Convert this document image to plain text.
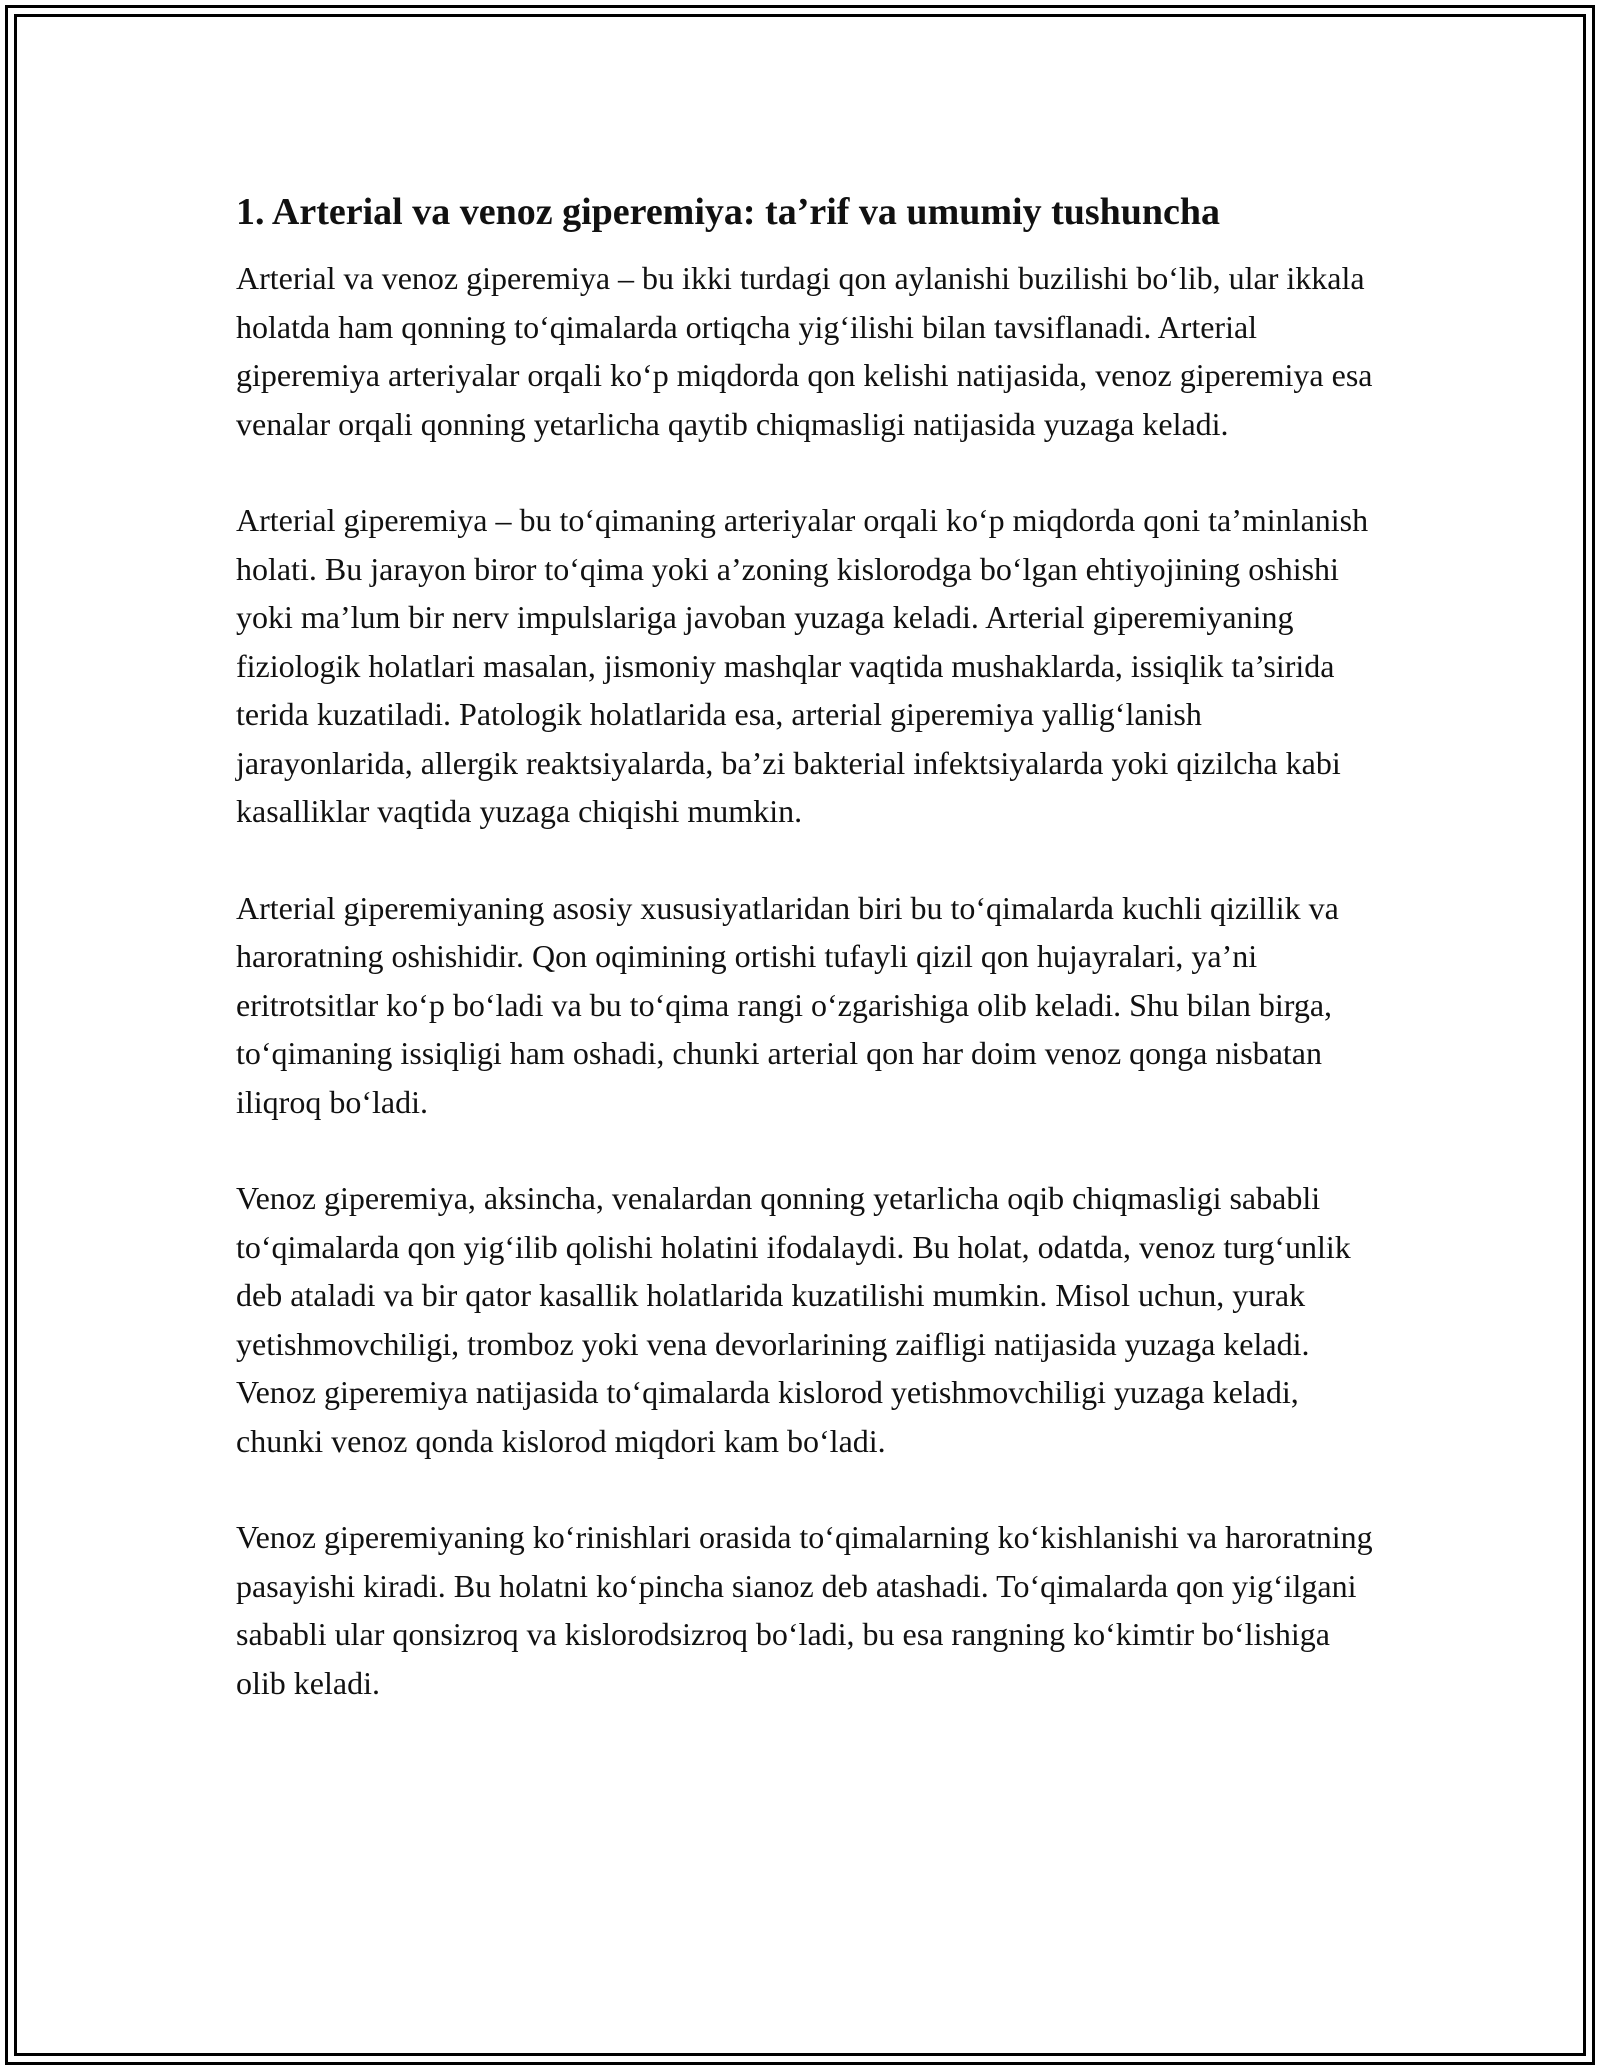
1. Arterial va venoz giperemiya: ta’rif va umumiy tushuncha

Arterial va venoz giperemiya – bu ikki turdagi qon aylanishi buzilishi bo‘lib, ular ikkala holatda ham qonning to‘qimalarda ortiqcha yig‘ilishi bilan tavsiflanadi. Arterial giperemiya arteriyalar orqali ko‘p miqdorda qon kelishi natijasida, venoz giperemiya esa venalar orqali qonning yetarlicha qaytib chiqmasligi natijasida yuzaga keladi.

Arterial giperemiya – bu to‘qimaning arteriyalar orqali ko‘p miqdorda qoni ta’minlanish holati. Bu jarayon biror to‘qima yoki a’zoning kislorodga bo‘lgan ehtiyojining oshishi yoki ma’lum bir nerv impulslariga javoban yuzaga keladi. Arterial giperemiyaning fiziologik holatlari masalan, jismoniy mashqlar vaqtida mushaklarda, issiqlik ta’sirida terida kuzatiladi. Patologik holatlarida esa, arterial giperemiya yallig‘lanish jarayonlarida, allergik reaktsiyalarda, ba’zi bakterial infektsiyalarda yoki qizilcha kabi kasalliklar vaqtida yuzaga chiqishi mumkin.

Arterial giperemiyaning asosiy xususiyatlaridan biri bu to‘qimalarda kuchli qizillik va haroratning oshishidir. Qon oqimining ortishi tufayli qizil qon hujayralari, ya’ni eritrotsitlar ko‘p bo‘ladi va bu to‘qima rangi o‘zgarishiga olib keladi. Shu bilan birga, to‘qimaning issiqligi ham oshadi, chunki arterial qon har doim venoz qonga nisbatan iliqroq bo‘ladi.

Venoz giperemiya, aksincha, venalardan qonning yetarlicha oqib chiqmasligi sababli to‘qimalarda qon yig‘ilib qolishi holatini ifodalaydi. Bu holat, odatda, venoz turg‘unlik deb ataladi va bir qator kasallik holatlarida kuzatilishi mumkin. Misol uchun, yurak yetishmovchiligi, tromboz yoki vena devorlarining zaifligi natijasida yuzaga keladi. Venoz giperemiya natijasida to‘qimalarda kislorod yetishmovchiligi yuzaga keladi, chunki venoz qonda kislorod miqdori kam bo‘ladi.

Venoz giperemiyaning ko‘rinishlari orasida to‘qimalarning ko‘kishlanishi va haroratning pasayishi kiradi. Bu holatni ko‘pincha sianoz deb atashadi. To‘qimalarda qon yig‘ilgani sababli ular qonsizroq va kislorodsizroq bo‘ladi, bu esa rangning ko‘kimtir bo‘lishiga olib keladi.
